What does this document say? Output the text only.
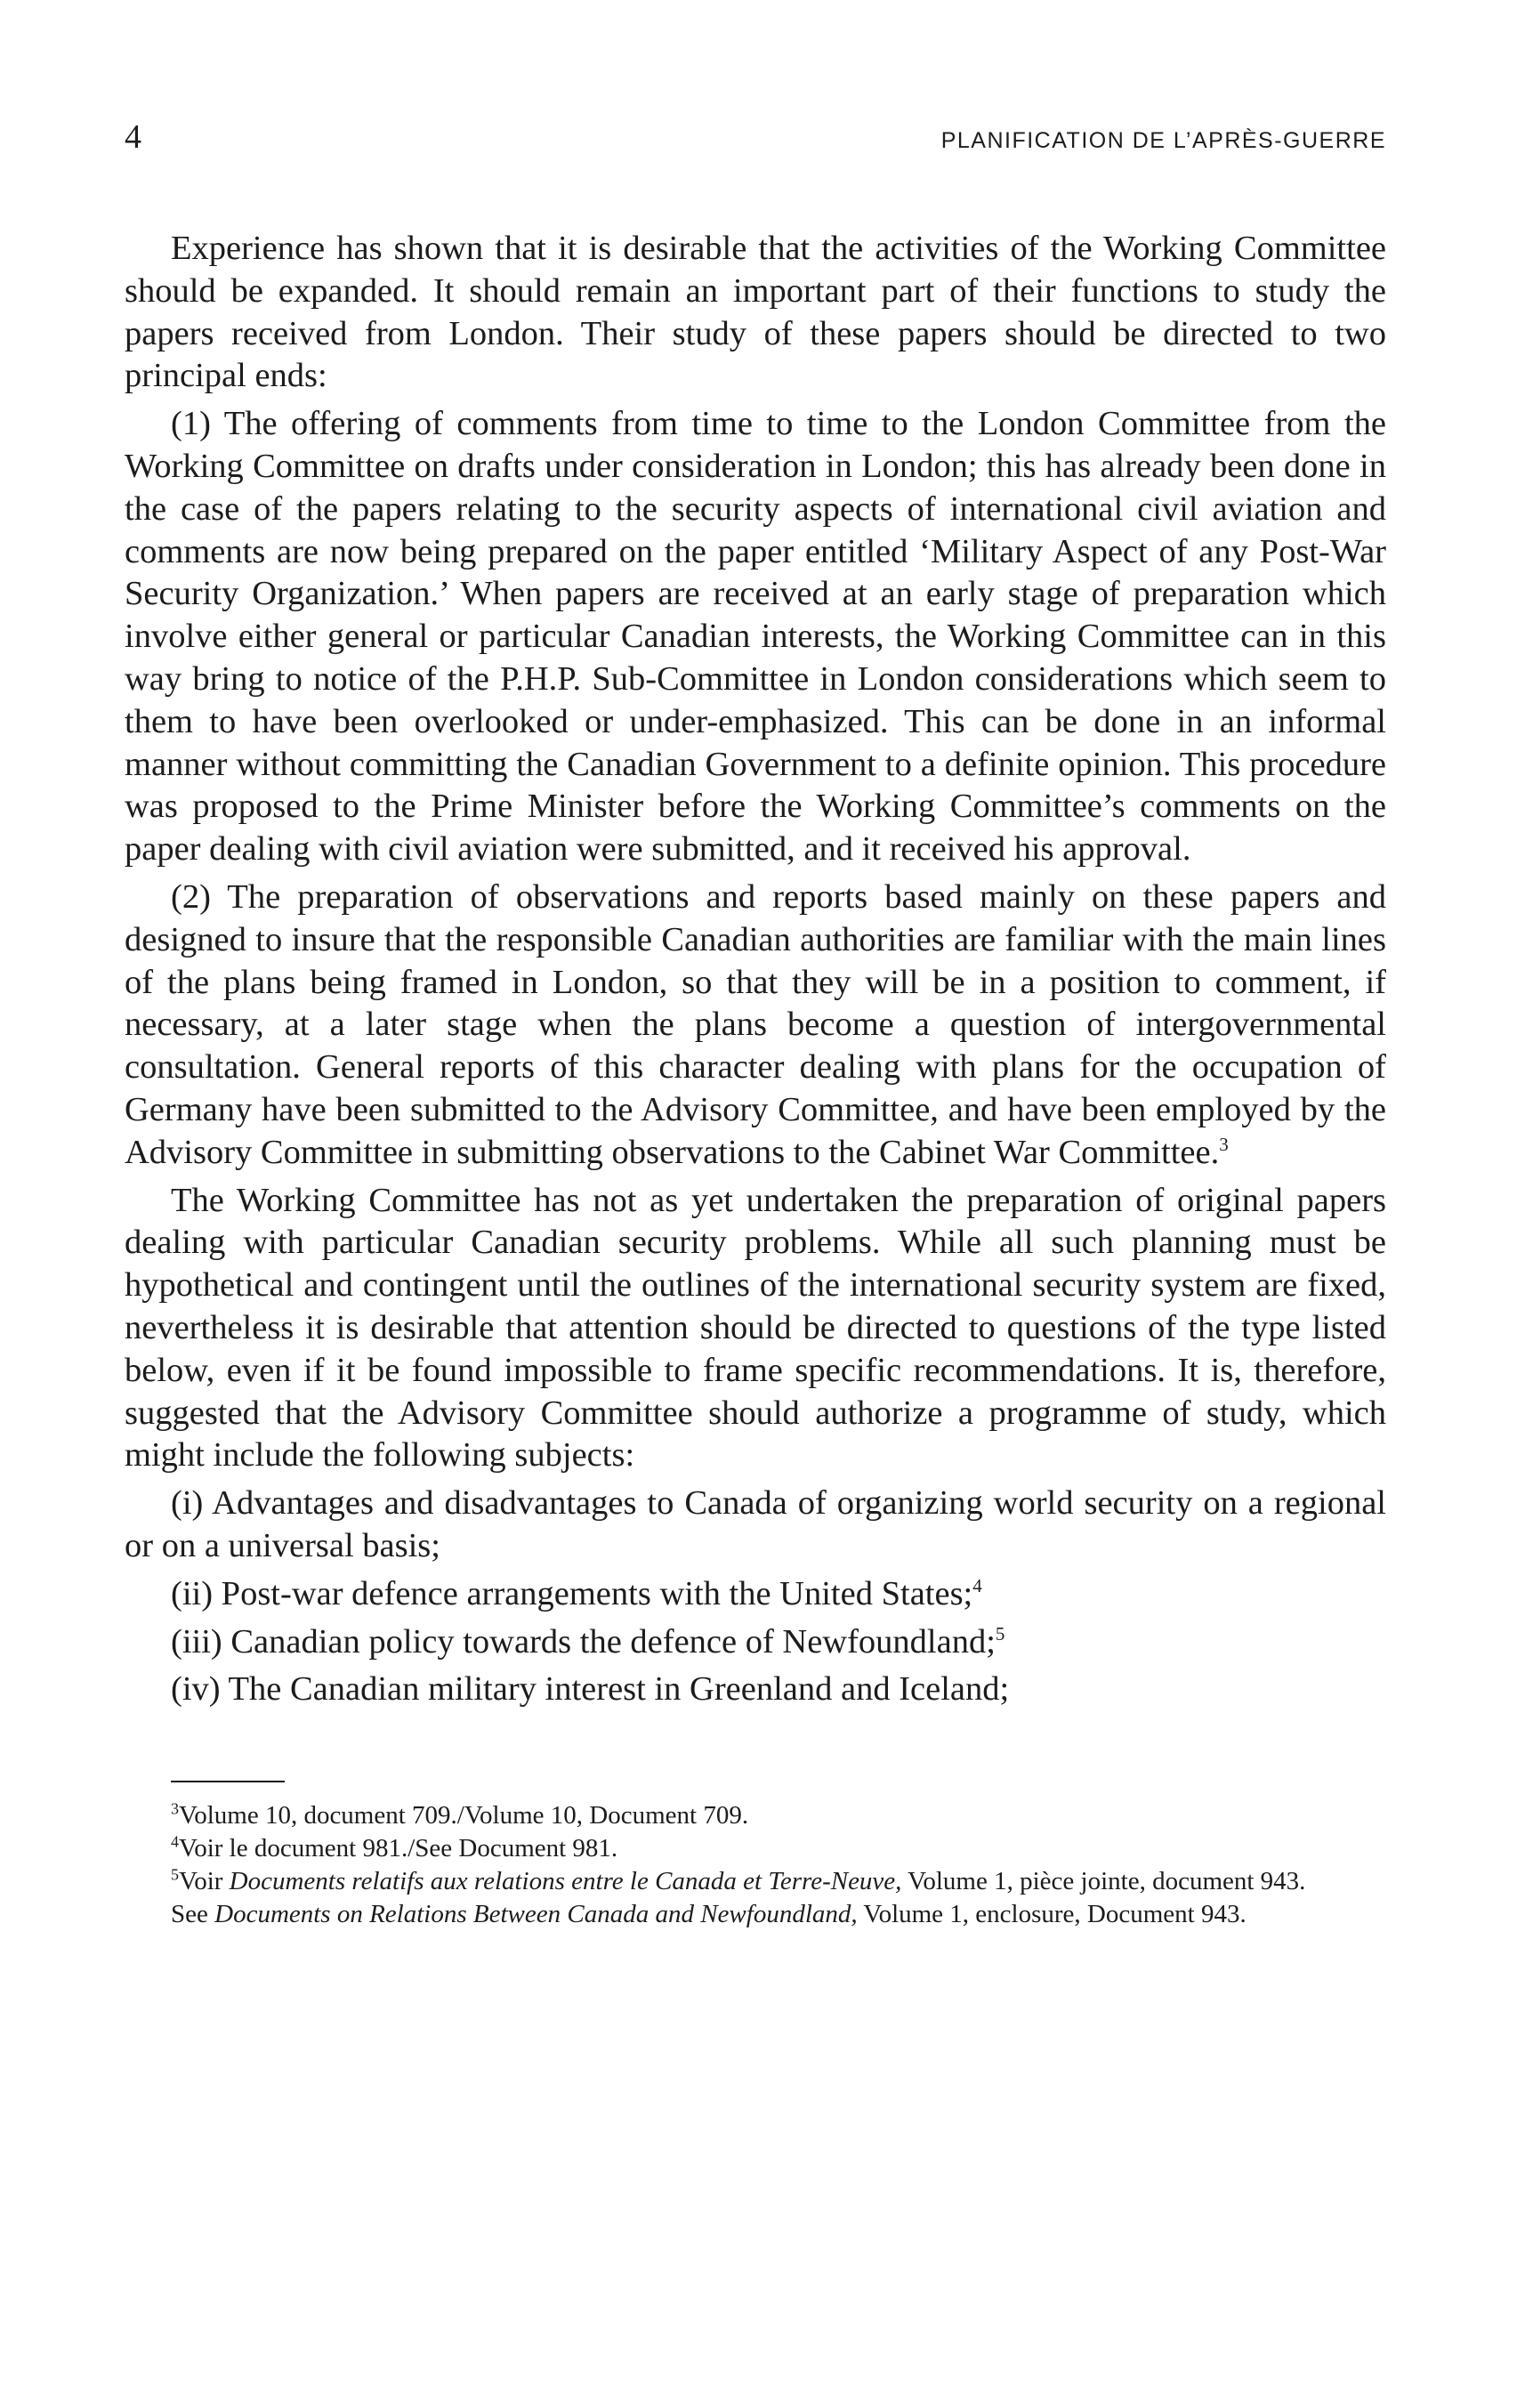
4	PLANIFICATION DE L’APRÈS-GUERRE

Experience has shown that it is desirable that the activities of the Working Committee should be expanded. It should remain an important part of their functions to study the papers received from London. Their study of these papers should be directed to two principal ends:

(1) The offering of comments from time to time to the London Committee from the Working Committee on drafts under consideration in London; this has already been done in the case of the papers relating to the security aspects of international civil aviation and comments are now being prepared on the paper entitled ‘Military Aspect of any Post-War Security Organization.’ When papers are received at an early stage of preparation which involve either general or particular Canadian interests, the Working Committee can in this way bring to notice of the P.H.P. Sub-Committee in London considerations which seem to them to have been overlooked or under-emphasized. This can be done in an informal manner without committing the Canadian Government to a definite opinion. This procedure was proposed to the Prime Minister before the Working Committee’s comments on the paper dealing with civil aviation were submitted, and it received his approval.

(2) The preparation of observations and reports based mainly on these papers and designed to insure that the responsible Canadian authorities are familiar with the main lines of the plans being framed in London, so that they will be in a position to comment, if necessary, at a later stage when the plans become a question of intergovernmental consultation. General reports of this character dealing with plans for the occupation of Germany have been submitted to the Advisory Committee, and have been employed by the Advisory Committee in submitting observations to the Cabinet War Committee.$^3$

The Working Committee has not as yet undertaken the preparation of original papers dealing with particular Canadian security problems. While all such planning must be hypothetical and contingent until the outlines of the international security system are fixed, nevertheless it is desirable that attention should be directed to questions of the type listed below, even if it be found impossible to frame specific recommendations. It is, therefore, suggested that the Advisory Committee should authorize a programme of study, which might include the following subjects:

(i) Advantages and disadvantages to Canada of organizing world security on a regional or on a universal basis;

(ii) Post-war defence arrangements with the United States;$^4$

(iii) Canadian policy towards the defence of Newfoundland;$^5$

(iv) The Canadian military interest in Greenland and Iceland;

$^3$Volume 10, document 709./Volume 10, Document 709.
$^4$Voir le document 981./See Document 981.
$^5$Voir Documents relatifs aux relations entre le Canada et Terre-Neuve, Volume 1, pièce jointe, document 943.
See Documents on Relations Between Canada and Newfoundland, Volume 1, enclosure, Document 943.
